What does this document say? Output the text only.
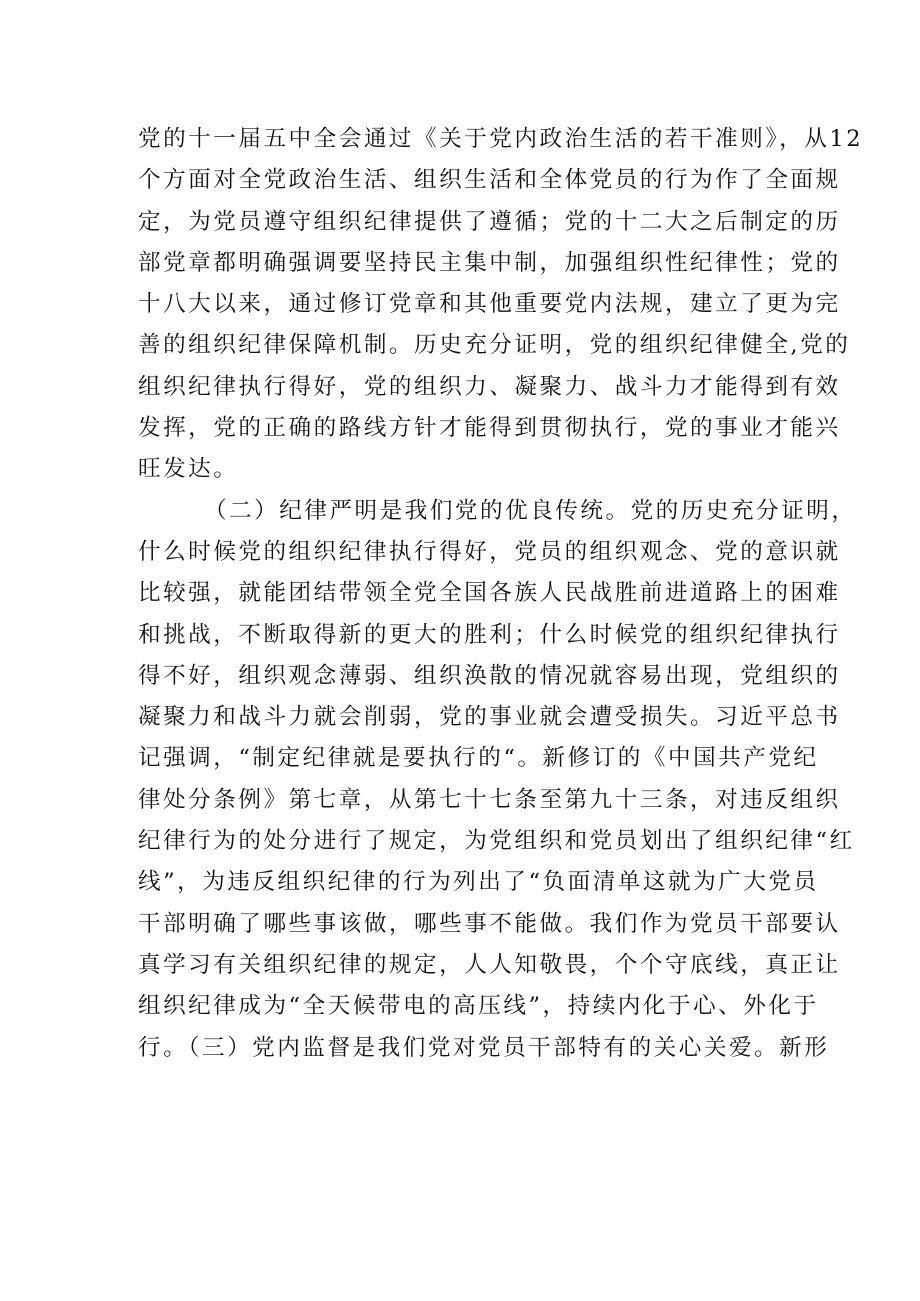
党的十一届五中全会通过《关于党内政治生活的若干准则》，从12
个方面对全党政治生活、组织生活和全体党员的行为作了全面规
定，为党员遵守组织纪律提供了遵循；党的十二大之后制定的历
部党章都明确强调要坚持民主集中制，加强组织性纪律性；党的
十八大以来，通过修订党章和其他重要党内法规，建立了更为完
善的组织纪律保障机制。历史充分证明，党的组织纪律健全,党的
组织纪律执行得好，党的组织力、凝聚力、战斗力才能得到有效
发挥，党的正确的路线方针才能得到贯彻执行，党的事业才能兴
旺发达。
（二）纪律严明是我们党的优良传统。党的历史充分证明，
什么时候党的组织纪律执行得好，党员的组织观念、党的意识就
比较强，就能团结带领全党全国各族人民战胜前进道路上的困难
和挑战，不断取得新的更大的胜利；什么时候党的组织纪律执行
得不好，组织观念薄弱、组织涣散的情况就容易出现，党组织的
凝聚力和战斗力就会削弱，党的事业就会遭受损失。习近平总书
记强调，“制定纪律就是要执行的“。新修订的《中国共产党纪
律处分条例》第七章，从第七十七条至第九十三条，对违反组织
纪律行为的处分进行了规定，为党组织和党员划出了组织纪律“红
线”，为违反组织纪律的行为列出了“负面清单这就为广大党员
干部明确了哪些事该做，哪些事不能做。我们作为党员干部要认
真学习有关组织纪律的规定，人人知敬畏，个个守底线，真正让
组织纪律成为“全天候带电的高压线”，持续内化于心、外化于
行。（三）党内监督是我们党对党员干部特有的关心关爱。新形
